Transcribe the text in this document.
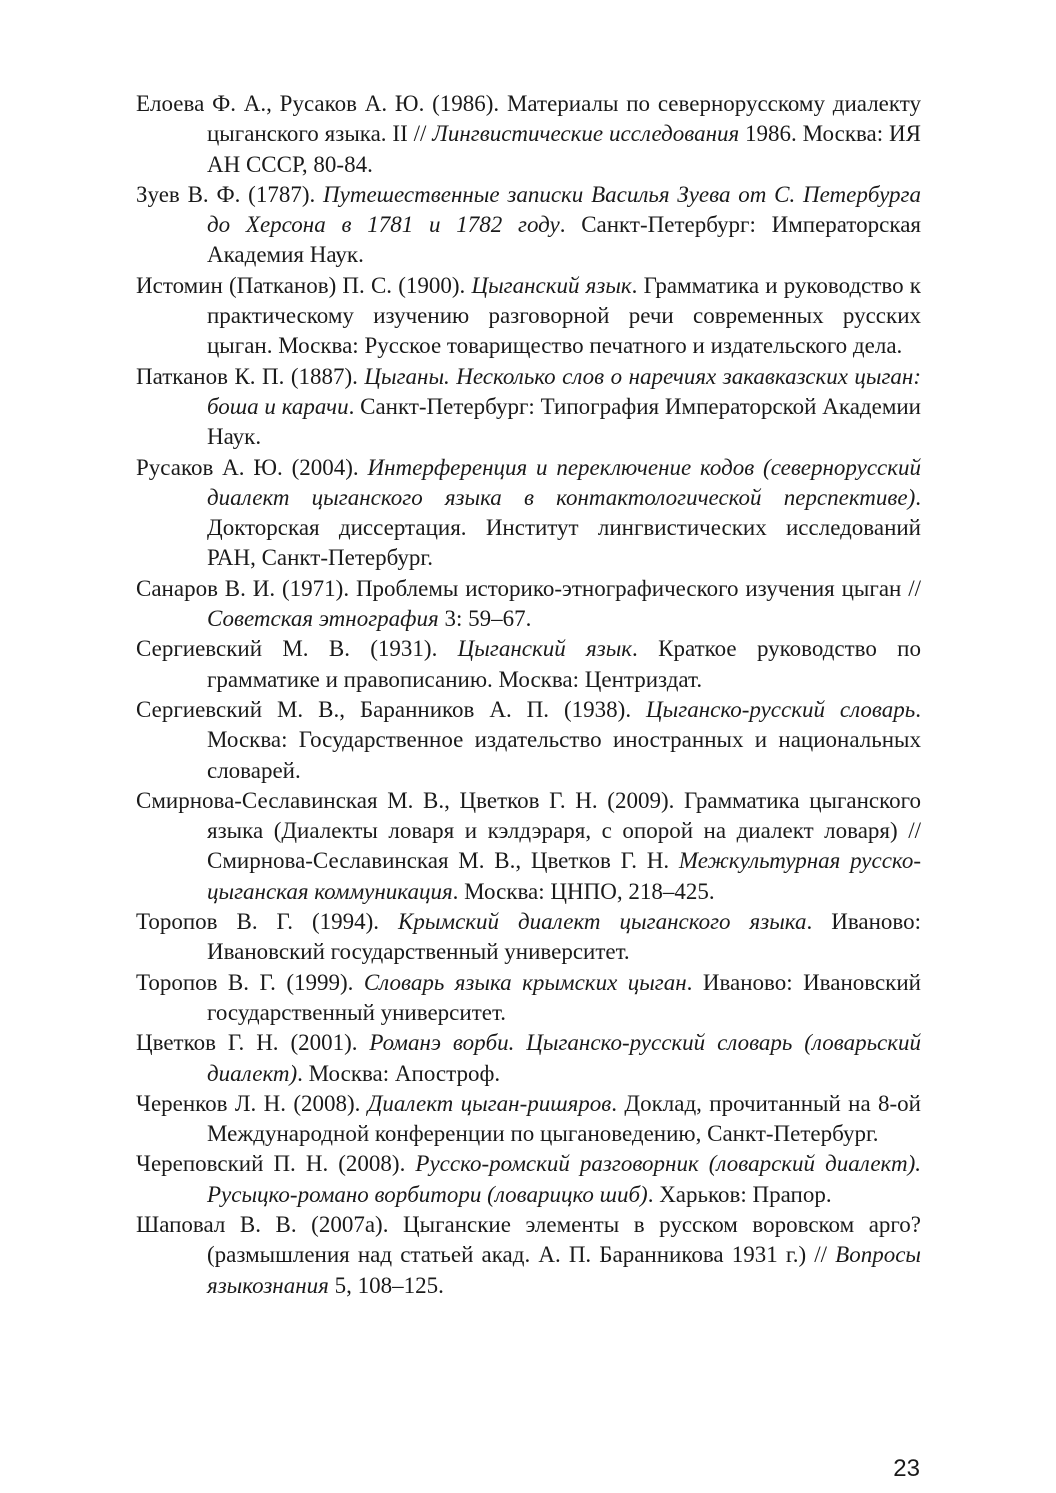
Елоева Ф. А., Русаков А. Ю. (1986). Материалы по севернорусскому диалекту цыганского языка. II // Лингвистические исследования 1986. Москва: ИЯ АН СССР, 80-84.

Зуев В. Ф. (1787). Путешественные записки Василья Зуева от С. Петербурга до Херсона в 1781 и 1782 году. Санкт-Петербург: Императорская Академия Наук.

Истомин (Патканов) П. С. (1900). Цыганский язык. Грамматика и руководство к практическому изучению разговорной речи современных русских цыган. Москва: Русское товарищество печатного и издательского дела.

Патканов К. П. (1887). Цыганы. Несколько слов о наречиях закавказских цыган: боша и карачи. Санкт-Петербург: Типография Императорской Академии Наук.

Русаков А. Ю. (2004). Интерференция и переключение кодов (севернорусский диалект цыганского языка в контактологической перспективе). Докторская диссертация. Институт лингвистических исследований РАН, Санкт-Петербург.

Санаров В. И. (1971). Проблемы историко-этнографического изучения цыган // Советская этнография 3: 59–67.

Сергиевский М. В. (1931). Цыганский язык. Краткое руководство по грамматике и правописанию. Москва: Центриздат.

Сергиевский М. В., Баранников А. П. (1938). Цыганско-русский словарь. Москва: Государственное издательство иностранных и национальных словарей.

Смирнова-Сеславинская М. В., Цветков Г. Н. (2009). Грамматика цыганского языка (Диалекты ловаря и кэлдэраря, с опорой на диалект ловаря) // Смирнова-Сеславинская М. В., Цветков Г. Н. Межкультурная русско-цыганская коммуникация. Москва: ЦНПО, 218–425.

Торопов В. Г. (1994). Крымский диалект цыганского языка. Иваново: Ивановский государственный университет.

Торопов В. Г. (1999). Словарь языка крымских цыган. Иваново: Ивановский государственный университет.

Цветков Г. Н. (2001). Романэ ворби. Цыганско-русский словарь (ловарьский диалект). Москва: Апостроф.

Черенков Л. Н. (2008). Диалект цыган-ришяров. Доклад, прочитанный на 8-ой Международной конференции по цыгановедению, Санкт-Петербург.

Череповский П. Н. (2008). Русско-ромский разговорник (ловарский диалект). Русыцко-романо ворбитори (ловарицко шиб). Харьков: Прапор.

Шаповал В. В. (2007а). Цыганские элементы в русском воровском арго? (размышления над статьей акад. А. П. Баранникова 1931 г.) // Вопросы языкознания 5, 108–125.

23
